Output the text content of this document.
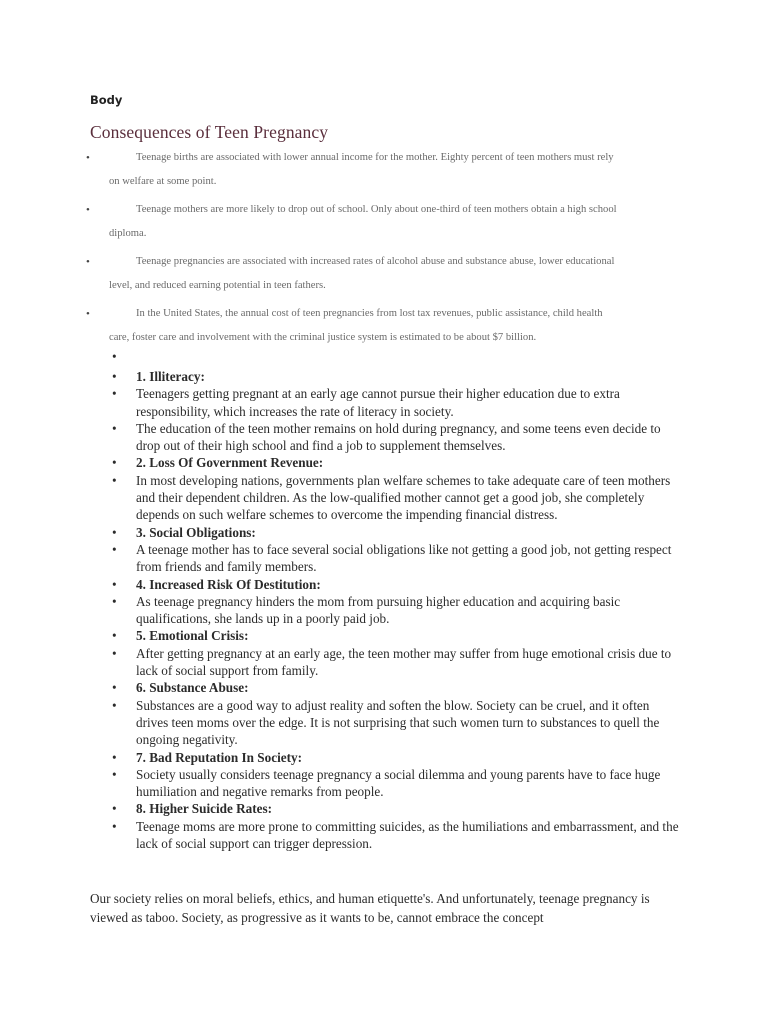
Body
Consequences of Teen Pregnancy
•	Teenage births are associated with lower annual income for the mother. Eighty percent of teen mothers must rely
on welfare at some point.
•	Teenage mothers are more likely to drop out of school. Only about one-third of teen mothers obtain a high school
diploma.
•	Teenage pregnancies are associated with increased rates of alcohol abuse and substance abuse, lower educational
level, and reduced earning potential in teen fathers.
•	In the United States, the annual cost of teen pregnancies from lost tax revenues, public assistance, child health
care, foster care and involvement with the criminal justice system is estimated to be about $7 billion.
•
•	1. Illiteracy:
•	Teenagers getting pregnant at an early age cannot pursue their higher education due to extra responsibility, which increases the rate of literacy in society.
•	The education of the teen mother remains on hold during pregnancy, and some teens even decide to drop out of their high school and find a job to supplement themselves.
•	2. Loss Of Government Revenue:
•	In most developing nations, governments plan welfare schemes to take adequate care of teen mothers and their dependent children. As the low-qualified mother cannot get a good job, she completely depends on such welfare schemes to overcome the impending financial distress.
•	3. Social Obligations:
•	A teenage mother has to face several social obligations like not getting a good job, not getting respect from friends and family members.
•	4. Increased Risk Of Destitution:
•	As teenage pregnancy hinders the mom from pursuing higher education and acquiring basic qualifications, she lands up in a poorly paid job.
•	5. Emotional Crisis:
•	After getting pregnancy at an early age, the teen mother may suffer from huge emotional crisis due to lack of social support from family.
•	6. Substance Abuse:
•	Substances are a good way to adjust reality and soften the blow. Society can be cruel, and it often drives teen moms over the edge. It is not surprising that such women turn to substances to quell the ongoing negativity.
•	7. Bad Reputation In Society:
•	Society usually considers teenage pregnancy a social dilemma and young parents have to face huge humiliation and negative remarks from people.
•	8. Higher Suicide Rates:
•	Teenage moms are more prone to committing suicides, as the humiliations and embarrassment, and the lack of social support can trigger depression.
Our society relies on moral beliefs, ethics, and human etiquette's. And unfortunately, teenage pregnancy is viewed as taboo. Society, as progressive as it wants to be, cannot embrace the concept
